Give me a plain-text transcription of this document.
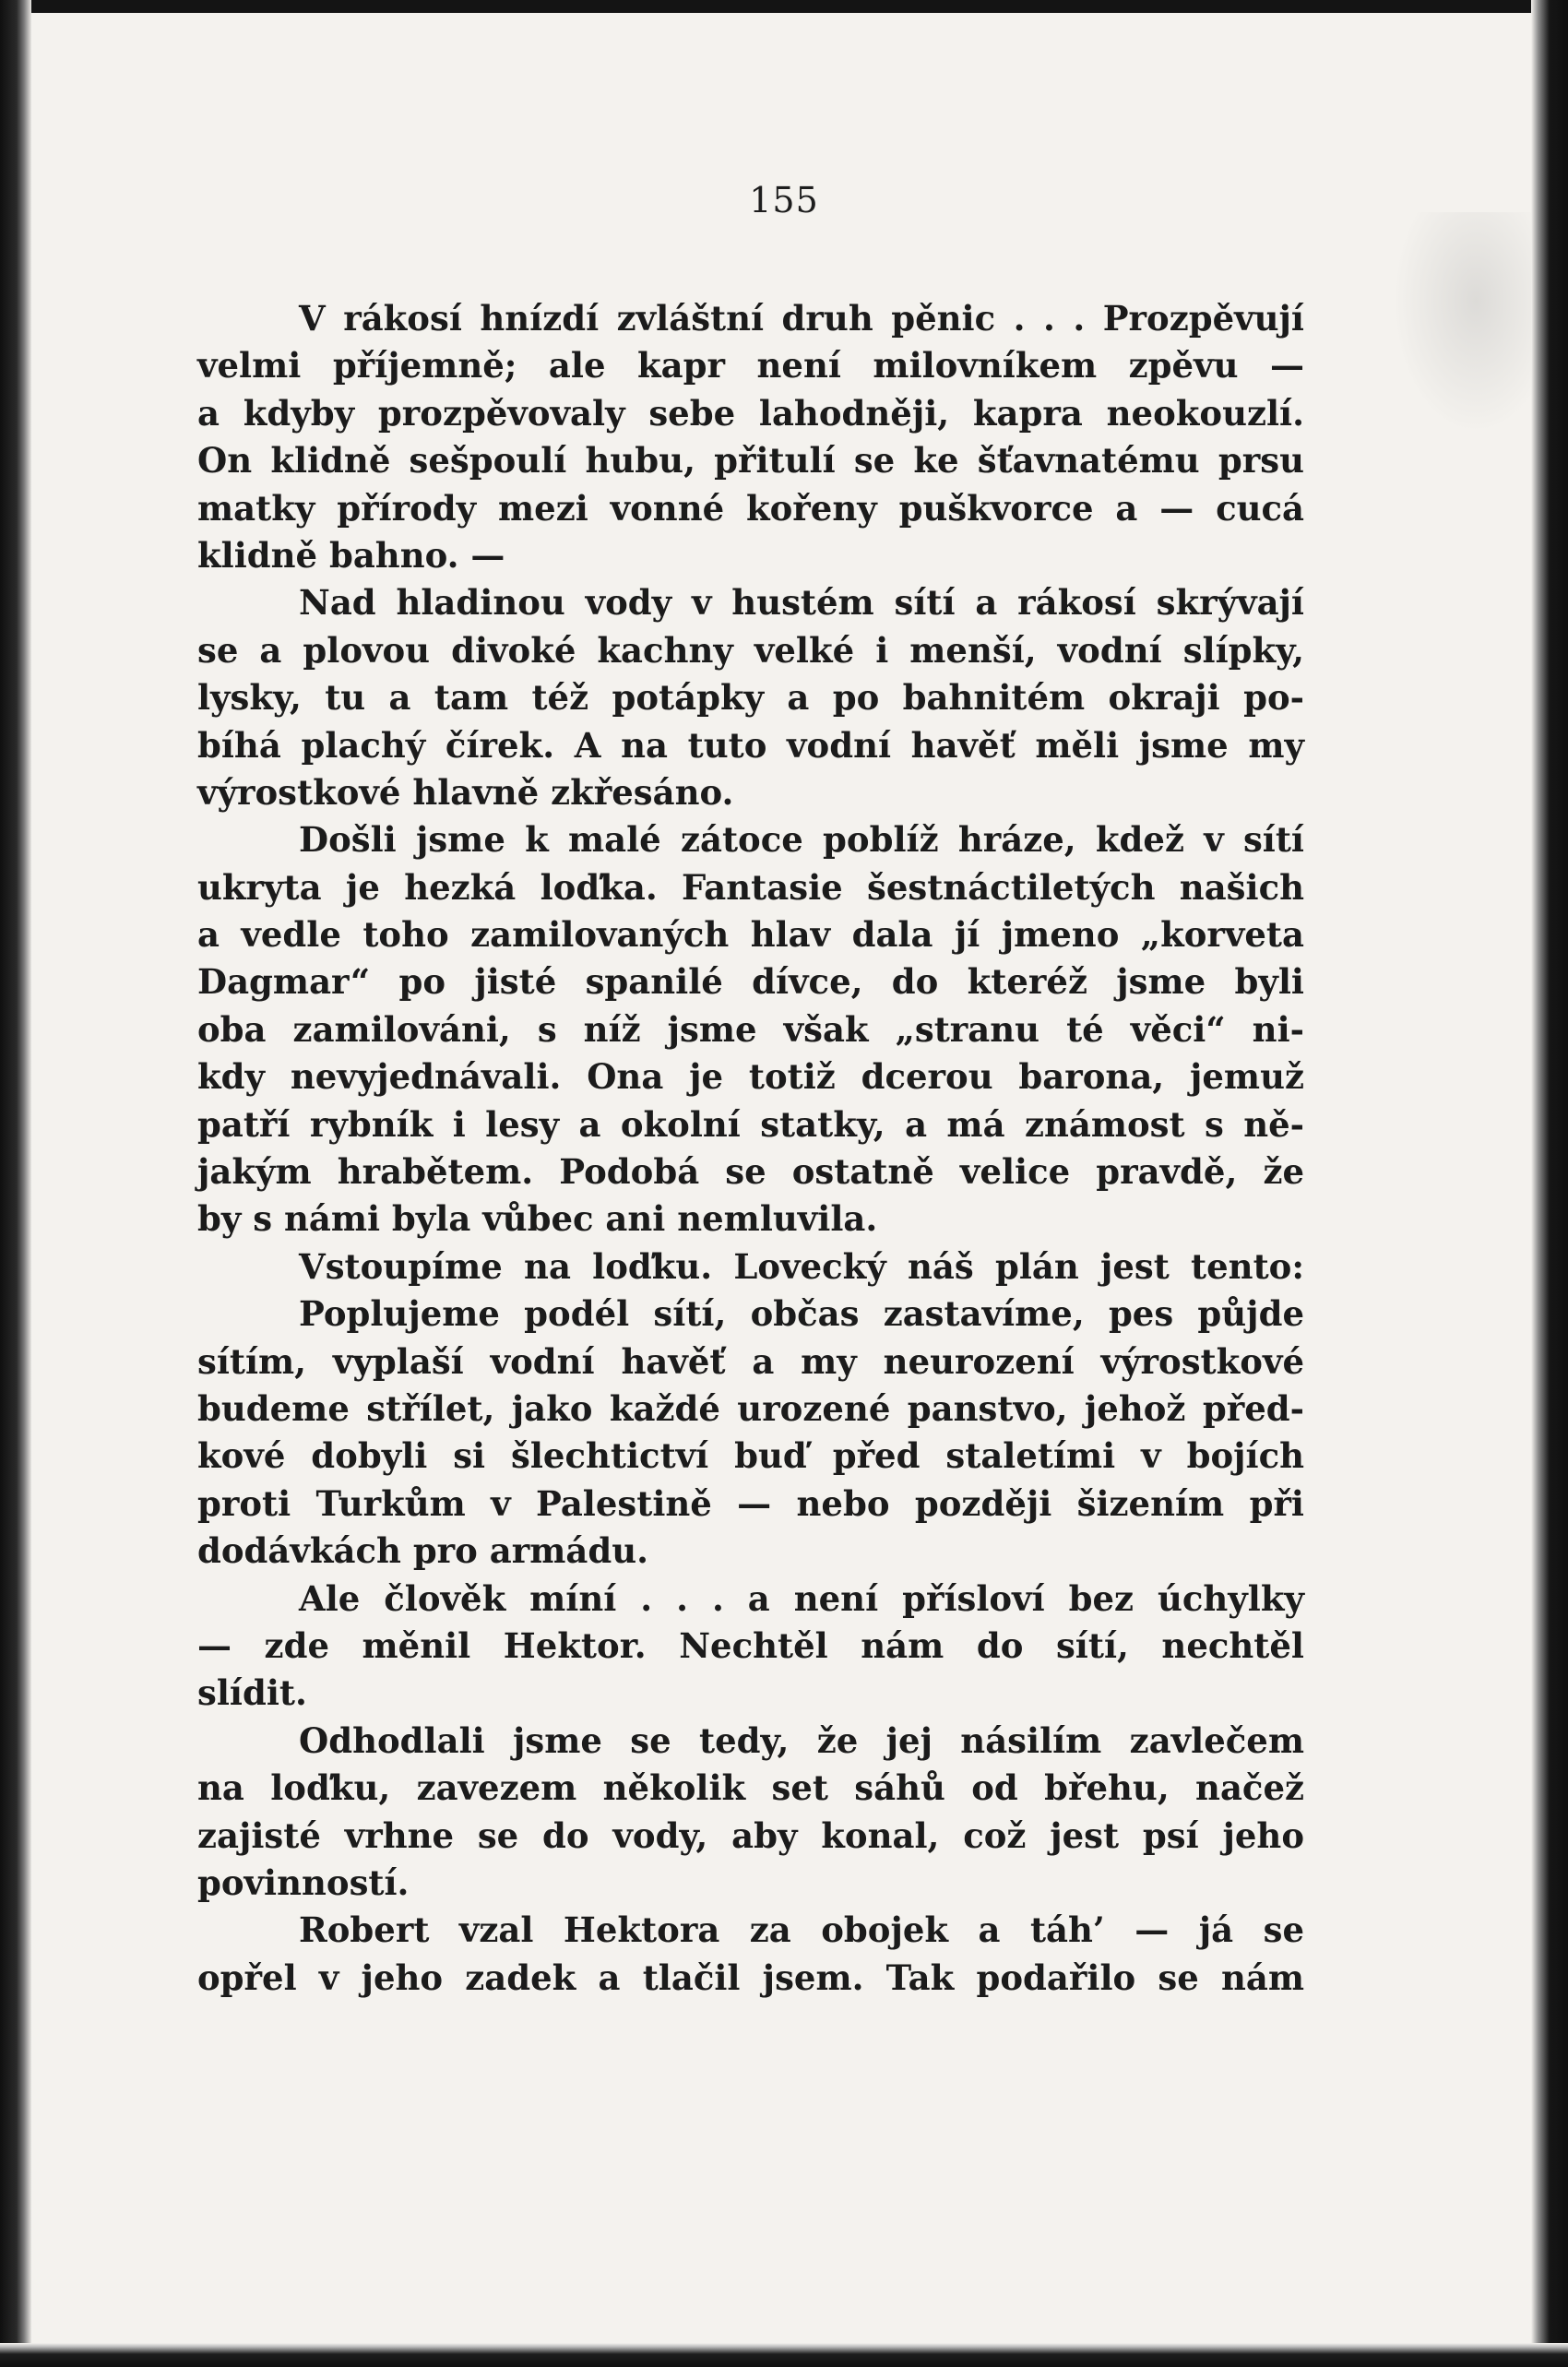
155
V rákosí hnízdí zvláštní druh pěnic . . . Prozpěvují
velmi příjemně; ale kapr není milovníkem zpěvu —
a kdyby prozpěvovaly sebe lahodněji, kapra neokouzlí.
On klidně sešpoulí hubu, přitulí se ke šťavnatému prsu
matky přírody mezi vonné kořeny puškvorce a — cucá
klidně bahno. —
Nad hladinou vody v hustém sítí a rákosí skrývají
se a plovou divoké kachny velké i menší, vodní slípky,
lysky, tu a tam též potápky a po bahnitém okraji po-
bíhá plachý čírek. A na tuto vodní havěť měli jsme my
výrostkové hlavně zkřesáno.
Došli jsme k malé zátoce poblíž hráze, kdež v sítí
ukryta je hezká loďka. Fantasie šestnáctiletých našich
a vedle toho zamilovaných hlav dala jí jmeno „korveta
Dagmar“ po jisté spanilé dívce, do kteréž jsme byli
oba zamilováni, s níž jsme však „stranu té věci“ ni-
kdy nevyjednávali. Ona je totiž dcerou barona, jemuž
patří rybník i lesy a okolní statky, a má známost s ně-
jakým hrabětem. Podobá se ostatně velice pravdě, že
by s námi byla vůbec ani nemluvila.
Vstoupíme na loďku. Lovecký náš plán jest tento:
Poplujeme podél sítí, občas zastavíme, pes půjde
sítím, vyplaší vodní havěť a my neurození výrostkové
budeme střílet, jako každé urozené panstvo, jehož před-
kové dobyli si šlechtictví buď před staletími v bojích
proti Turkům v Palestině — nebo později šizením při
dodávkách pro armádu.
Ale člověk míní . . . a není přísloví bez úchylky
— zde měnil Hektor. Nechtěl nám do sítí, nechtěl
slídit.
Odhodlali jsme se tedy, že jej násilím zavlečem
na loďku, zavezem několik set sáhů od břehu, načež
zajisté vrhne se do vody, aby konal, což jest psí jeho
povinností.
Robert vzal Hektora za obojek a táh’ — já se
opřel v jeho zadek a tlačil jsem. Tak podařilo se nám
